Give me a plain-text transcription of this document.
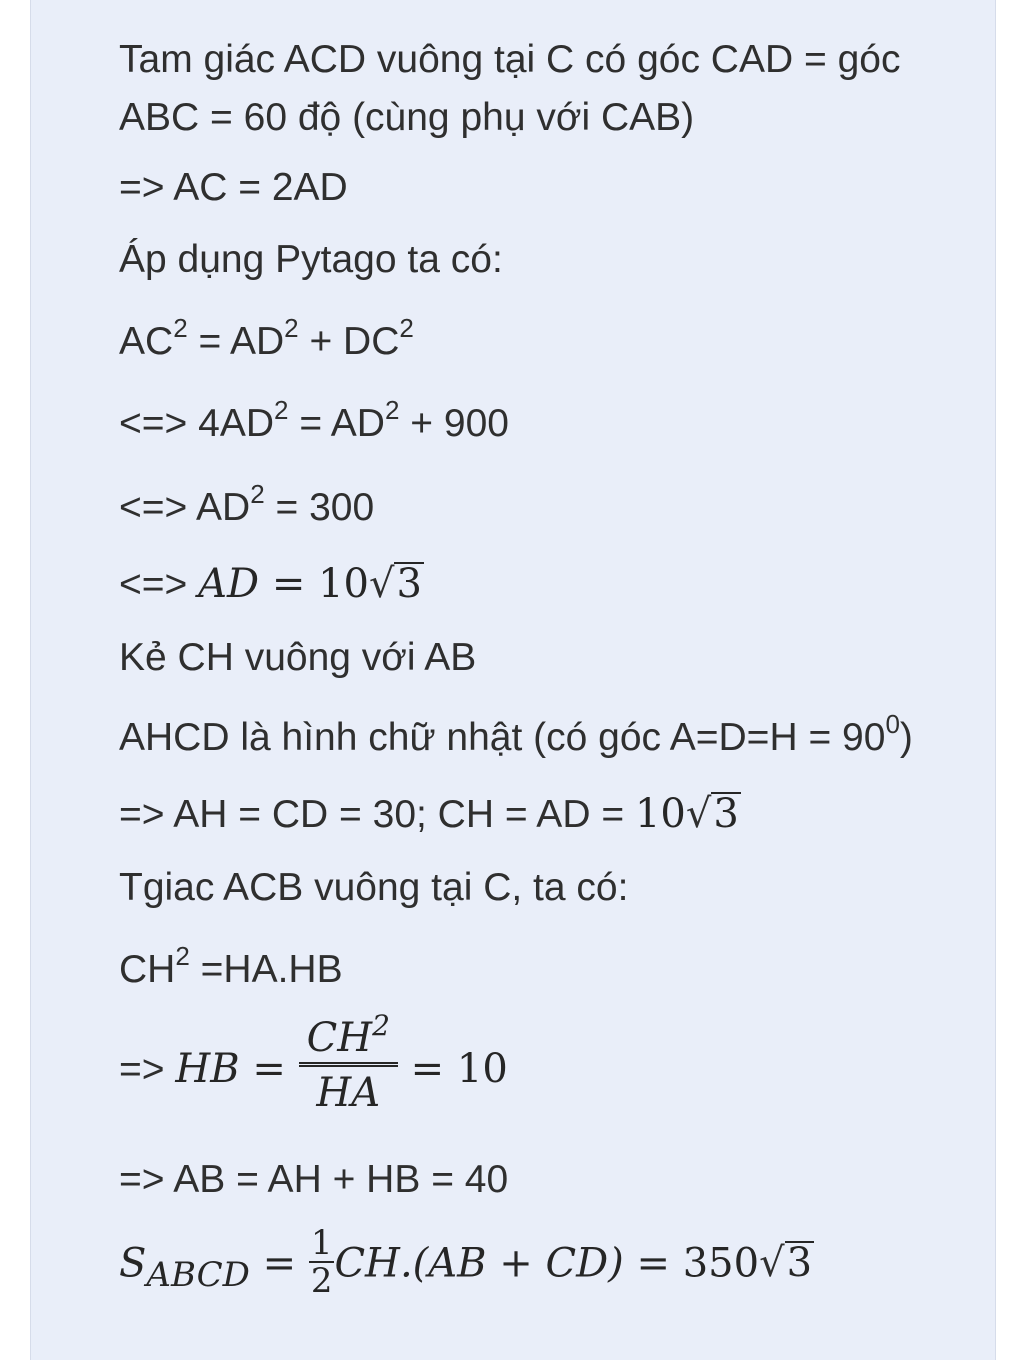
Tam giác ACD vuông tại C có góc CAD = góc
ABC = 60 độ (cùng phụ với CAB)
=> AC = 2AD
Áp dụng Pytago ta có:
$AC^2 = AD^2 + DC^2$
<=> $4AD^2 = AD^2 + 900$
<=> $AD^2 = 300$
<=> AD = 10√3
Kẻ CH vuông với AB
AHCD là hình chữ nhật (có góc $A=D=H = 90^0$)
=> AH = CD = 30; CH = AD = 10√3
Tgiac ACB vuông tại C, ta có:
$CH^2 =HA.HB$
=> HB = $\frac{CH^2}{HA} = 10$
=> AB = AH + HB = 40
SABCD = $\frac{1}{2} CH.(AB + CD) = 350√3$
